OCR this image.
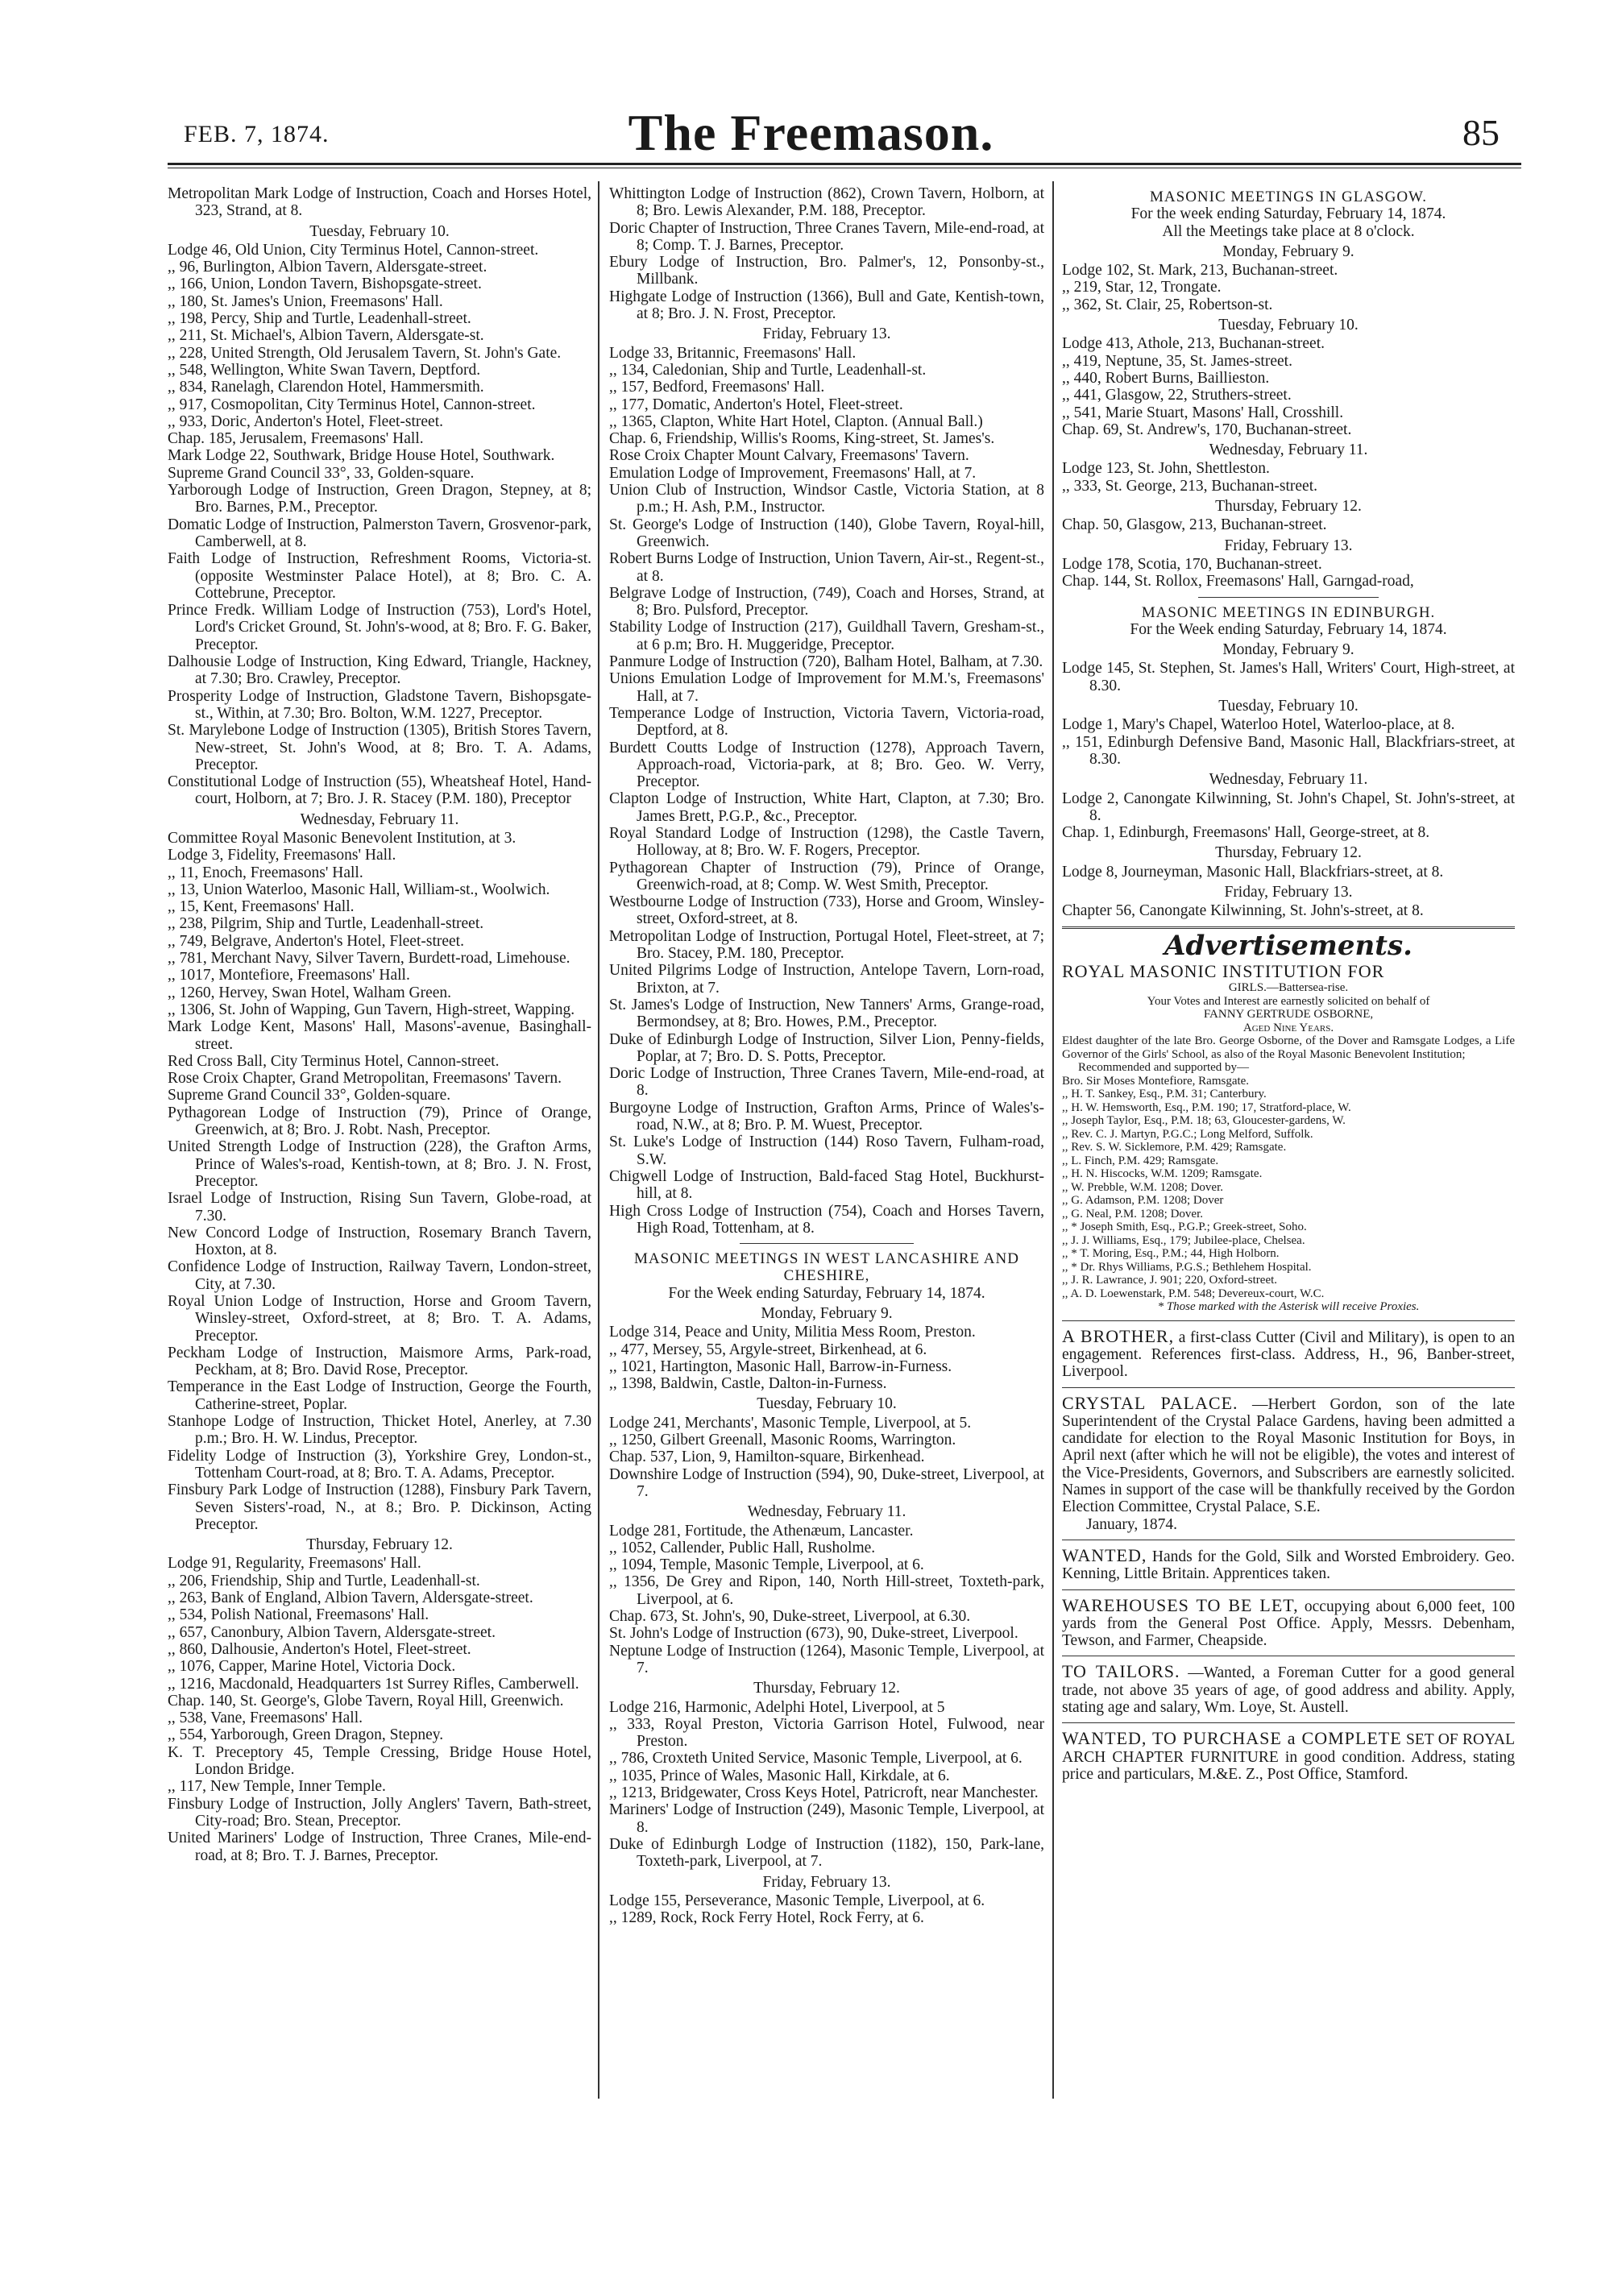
FEB. 7, 1874.	The Freemason.	85

Metropolitan Mark Lodge of Instruction, Coach and Horses Hotel, 323, Strand, at 8.

Tuesday, February 10.

Lodge 46, Old Union, City Terminus Hotel, Cannon-street.

,, 96, Burlington, Albion Tavern, Aldersgate-street.

,, 166, Union, London Tavern, Bishopsgate-street.

,, 180, St. James's Union, Freemasons' Hall.

,, 198, Percy, Ship and Turtle, Leadenhall-street.

,, 211, St. Michael's, Albion Tavern, Aldersgate-st.

,, 228, United Strength, Old Jerusalem Tavern, St. John's Gate.

,, 548, Wellington, White Swan Tavern, Deptford.

,, 834, Ranelagh, Clarendon Hotel, Hammersmith.

,, 917, Cosmopolitan, City Terminus Hotel, Cannon-street.

,, 933, Doric, Anderton's Hotel, Fleet-street.

Chap. 185, Jerusalem, Freemasons' Hall.

Mark Lodge 22, Southwark, Bridge House Hotel, Southwark.

Supreme Grand Council 33°, 33, Golden-square.

Yarborough Lodge of Instruction, Green Dragon, Stepney, at 8; Bro. Barnes, P.M., Preceptor.

Domatic Lodge of Instruction, Palmerston Tavern, Grosvenor-park, Camberwell, at 8.

Faith Lodge of Instruction, Refreshment Rooms, Victoria-st. (opposite Westminster Palace Hotel), at 8; Bro. C. A. Cottebrune, Preceptor.

Prince Fredk. William Lodge of Instruction (753), Lord's Hotel, Lord's Cricket Ground, St. John's-wood, at 8; Bro. F. G. Baker, Preceptor.

Dalhousie Lodge of Instruction, King Edward, Triangle, Hackney, at 7.30; Bro. Crawley, Preceptor.

Prosperity Lodge of Instruction, Gladstone Tavern, Bishopsgate-st., Within, at 7.30; Bro. Bolton, W.M. 1227, Preceptor.

St. Marylebone Lodge of Instruction (1305), British Stores Tavern, New-street, St. John's Wood, at 8; Bro. T. A. Adams, Preceptor.

Constitutional Lodge of Instruction (55), Wheatsheaf Hotel, Hand-court, Holborn, at 7; Bro. J. R. Stacey (P.M. 180), Preceptor

Wednesday, February 11.

Committee Royal Masonic Benevolent Institution, at 3.

Lodge 3, Fidelity, Freemasons' Hall.

,, 11, Enoch, Freemasons' Hall.

,, 13, Union Waterloo, Masonic Hall, William-st., Woolwich.

,, 15, Kent, Freemasons' Hall.

,, 238, Pilgrim, Ship and Turtle, Leadenhall-street.

,, 749, Belgrave, Anderton's Hotel, Fleet-street.

,, 781, Merchant Navy, Silver Tavern, Burdett-road, Limehouse.

,, 1017, Montefiore, Freemasons' Hall.

,, 1260, Hervey, Swan Hotel, Walham Green.

,, 1306, St. John of Wapping, Gun Tavern, High-street, Wapping.

Mark Lodge Kent, Masons' Hall, Masons'-avenue, Basinghall-street.

Red Cross Ball, City Terminus Hotel, Cannon-street.

Rose Croix Chapter, Grand Metropolitan, Freemasons' Tavern.

Supreme Grand Council 33°, Golden-square.

Pythagorean Lodge of Instruction (79), Prince of Orange, Greenwich, at 8; Bro. J. Robt. Nash, Preceptor.

United Strength Lodge of Instruction (228), the Grafton Arms, Prince of Wales's-road, Kentish-town, at 8; Bro. J. N. Frost, Preceptor.

Israel Lodge of Instruction, Rising Sun Tavern, Globe-road, at 7.30.

New Concord Lodge of Instruction, Rosemary Branch Tavern, Hoxton, at 8.

Confidence Lodge of Instruction, Railway Tavern, London-street, City, at 7.30.

Royal Union Lodge of Instruction, Horse and Groom Tavern, Winsley-street, Oxford-street, at 8; Bro. T. A. Adams, Preceptor.

Peckham Lodge of Instruction, Maismore Arms, Park-road, Peckham, at 8; Bro. David Rose, Preceptor.

Temperance in the East Lodge of Instruction, George the Fourth, Catherine-street, Poplar.

Stanhope Lodge of Instruction, Thicket Hotel, Anerley, at 7.30 p.m.; Bro. H. W. Lindus, Preceptor.

Fidelity Lodge of Instruction (3), Yorkshire Grey, London-st., Tottenham Court-road, at 8; Bro. T. A. Adams, Preceptor.

Finsbury Park Lodge of Instruction (1288), Finsbury Park Tavern, Seven Sisters'-road, N., at 8.; Bro. P. Dickinson, Acting Preceptor.

Thursday, February 12.

Lodge 91, Regularity, Freemasons' Hall.

,, 206, Friendship, Ship and Turtle, Leadenhall-st.

,, 263, Bank of England, Albion Tavern, Aldersgate-street.

,, 534, Polish National, Freemasons' Hall.

,, 657, Canonbury, Albion Tavern, Aldersgate-street.

,, 860, Dalhousie, Anderton's Hotel, Fleet-street.

,, 1076, Capper, Marine Hotel, Victoria Dock.

,, 1216, Macdonald, Headquarters 1st Surrey Rifles, Camberwell.

Chap. 140, St. George's, Globe Tavern, Royal Hill, Greenwich.

,, 538, Vane, Freemasons' Hall.

,, 554, Yarborough, Green Dragon, Stepney.

K. T. Preceptory 45, Temple Cressing, Bridge House Hotel, London Bridge.

,, 117, New Temple, Inner Temple.

Finsbury Lodge of Instruction, Jolly Anglers' Tavern, Bath-street, City-road; Bro. Stean, Preceptor.

United Mariners' Lodge of Instruction, Three Cranes, Mile-end-road, at 8; Bro. T. J. Barnes, Preceptor.

Whittington Lodge of Instruction (862), Crown Tavern, Holborn, at 8; Bro. Lewis Alexander, P.M. 188, Preceptor.

Doric Chapter of Instruction, Three Cranes Tavern, Mile-end-road, at 8; Comp. T. J. Barnes, Preceptor.

Ebury Lodge of Instruction, Bro. Palmer's, 12, Ponsonby-st., Millbank.

Highgate Lodge of Instruction (1366), Bull and Gate, Kentish-town, at 8; Bro. J. N. Frost, Preceptor.

Friday, February 13.

Lodge 33, Britannic, Freemasons' Hall.

,, 134, Caledonian, Ship and Turtle, Leadenhall-st.

,, 157, Bedford, Freemasons' Hall.

,, 177, Domatic, Anderton's Hotel, Fleet-street.

,, 1365, Clapton, White Hart Hotel, Clapton. (Annual Ball.)

Chap. 6, Friendship, Willis's Rooms, King-street, St. James's.

Rose Croix Chapter Mount Calvary, Freemasons' Tavern.

Emulation Lodge of Improvement, Freemasons' Hall, at 7.

Union Club of Instruction, Windsor Castle, Victoria Station, at 8 p.m.; H. Ash, P.M., Instructor.

St. George's Lodge of Instruction (140), Globe Tavern, Royal-hill, Greenwich.

Robert Burns Lodge of Instruction, Union Tavern, Air-st., Regent-st., at 8.

Belgrave Lodge of Instruction, (749), Coach and Horses, Strand, at 8; Bro. Pulsford, Preceptor.

Stability Lodge of Instruction (217), Guildhall Tavern, Gresham-st., at 6 p.m; Bro. H. Muggeridge, Preceptor.

Panmure Lodge of Instruction (720), Balham Hotel, Balham, at 7.30.

Unions Emulation Lodge of Improvement for M.M.'s, Freemasons' Hall, at 7.

Temperance Lodge of Instruction, Victoria Tavern, Victoria-road, Deptford, at 8.

Burdett Coutts Lodge of Instruction (1278), Approach Tavern, Approach-road, Victoria-park, at 8; Bro. Geo. W. Verry, Preceptor.

Clapton Lodge of Instruction, White Hart, Clapton, at 7.30; Bro. James Brett, P.G.P., &c., Preceptor.

Royal Standard Lodge of Instruction (1298), the Castle Tavern, Holloway, at 8; Bro. W. F. Rogers, Preceptor.

Pythagorean Chapter of Instruction (79), Prince of Orange, Greenwich-road, at 8; Comp. W. West Smith, Preceptor.

Westbourne Lodge of Instruction (733), Horse and Groom, Winsley-street, Oxford-street, at 8.

Metropolitan Lodge of Instruction, Portugal Hotel, Fleet-street, at 7; Bro. Stacey, P.M. 180, Preceptor.

United Pilgrims Lodge of Instruction, Antelope Tavern, Lorn-road, Brixton, at 7.

St. James's Lodge of Instruction, New Tanners' Arms, Grange-road, Bermondsey, at 8; Bro. Howes, P.M., Preceptor.

Duke of Edinburgh Lodge of Instruction, Silver Lion, Penny-fields, Poplar, at 7; Bro. D. S. Potts, Preceptor.

Doric Lodge of Instruction, Three Cranes Tavern, Mile-end-road, at 8.

Burgoyne Lodge of Instruction, Grafton Arms, Prince of Wales's-road, N.W., at 8; Bro. P. M. Wuest, Preceptor.

St. Luke's Lodge of Instruction (144) Roso Tavern, Fulham-road, S.W.

Chigwell Lodge of Instruction, Bald-faced Stag Hotel, Buckhurst-hill, at 8.

High Cross Lodge of Instruction (754), Coach and Horses Tavern, High Road, Tottenham, at 8.

MASONIC MEETINGS IN WEST LANCASHIRE AND CHESHIRE,
For the Week ending Saturday, February 14, 1874.
Monday, February 9.

Lodge 314, Peace and Unity, Militia Mess Room, Preston.

,, 477, Mersey, 55, Argyle-street, Birkenhead, at 6.

,, 1021, Hartington, Masonic Hall, Barrow-in-Furness.

,, 1398, Baldwin, Castle, Dalton-in-Furness.

Tuesday, February 10.

Lodge 241, Merchants', Masonic Temple, Liverpool, at 5.

,, 1250, Gilbert Greenall, Masonic Rooms, Warrington.

Chap. 537, Lion, 9, Hamilton-square, Birkenhead.

Downshire Lodge of Instruction (594), 90, Duke-street, Liverpool, at 7.

Wednesday, February 11.

Lodge 281, Fortitude, the Athenæum, Lancaster.

,, 1052, Callender, Public Hall, Rusholme.

,, 1094, Temple, Masonic Temple, Liverpool, at 6.

,, 1356, De Grey and Ripon, 140, North Hill-street, Toxteth-park, Liverpool, at 6.

Chap. 673, St. John's, 90, Duke-street, Liverpool, at 6.30.

St. John's Lodge of Instruction (673), 90, Duke-street, Liverpool.

Neptune Lodge of Instruction (1264), Masonic Temple, Liverpool, at 7.

Thursday, February 12.

Lodge 216, Harmonic, Adelphi Hotel, Liverpool, at 5

,, 333, Royal Preston, Victoria Garrison Hotel, Fulwood, near Preston.

,, 786, Croxteth United Service, Masonic Temple, Liverpool, at 6.

,, 1035, Prince of Wales, Masonic Hall, Kirkdale, at 6.

,, 1213, Bridgewater, Cross Keys Hotel, Patricroft, near Manchester.

Mariners' Lodge of Instruction (249), Masonic Temple, Liverpool, at 8.

Duke of Edinburgh Lodge of Instruction (1182), 150, Park-lane, Toxteth-park, Liverpool, at 7.

Friday, February 13.

Lodge 155, Perseverance, Masonic Temple, Liverpool, at 6.

,, 1289, Rock, Rock Ferry Hotel, Rock Ferry, at 6.

MASONIC MEETINGS IN GLASGOW.
For the week ending Saturday, February 14, 1874.
All the Meetings take place at 8 o'clock.
Monday, February 9.

Lodge 102, St. Mark, 213, Buchanan-street.

,, 219, Star, 12, Trongate.

,, 362, St. Clair, 25, Robertson-st.

Tuesday, February 10.

Lodge 413, Athole, 213, Buchanan-street.

,, 419, Neptune, 35, St. James-street.

,, 440, Robert Burns, Baillieston.

,, 441, Glasgow, 22, Struthers-street.

,, 541, Marie Stuart, Masons' Hall, Crosshill.

Chap. 69, St. Andrew's, 170, Buchanan-street.

Wednesday, February 11.

Lodge 123, St. John, Shettleston.

,, 333, St. George, 213, Buchanan-street.

Thursday, February 12.

Chap. 50, Glasgow, 213, Buchanan-street.

Friday, February 13.

Lodge 178, Scotia, 170, Buchanan-street.

Chap. 144, St. Rollox, Freemasons' Hall, Garngad-road,

MASONIC MEETINGS IN EDINBURGH.
For the Week ending Saturday, February 14, 1874.
Monday, February 9.

Lodge 145, St. Stephen, St. James's Hall, Writers' Court, High-street, at 8.30.

Tuesday, February 10.

Lodge 1, Mary's Chapel, Waterloo Hotel, Waterloo-place, at 8.

,, 151, Edinburgh Defensive Band, Masonic Hall, Blackfriars-street, at 8.30.

Wednesday, February 11.

Lodge 2, Canongate Kilwinning, St. John's Chapel, St. John's-street, at 8.

Chap. 1, Edinburgh, Freemasons' Hall, George-street, at 8.

Thursday, February 12.

Lodge 8, Journeyman, Masonic Hall, Blackfriars-street, at 8.

Friday, February 13.

Chapter 56, Canongate Kilwinning, St. John's-street, at 8.

Advertisements.
ROYAL MASONIC INSTITUTION FOR
GIRLS.—Battersea-rise.
Your Votes and Interest are earnestly solicited on behalf of
FANNY GERTRUDE OSBORNE,
Aged Nine Years.
Eldest daughter of the late Bro. George Osborne, of the Dover and Ramsgate Lodges, a Life Governor of the Girls' School, as also of the Royal Masonic Benevolent Institution;
Recommended and supported by—
Bro. Sir Moses Montefiore, Ramsgate.
,, H. T. Sankey, Esq., P.M. 31; Canterbury.
,, H. W. Hemsworth, Esq., P.M. 190; 17, Stratford-place, W.
,, Joseph Taylor, Esq., P.M. 18; 63, Gloucester-gardens, W.
,, Rev. C. J. Martyn, P.G.C.; Long Melford, Suffolk.
,, Rev. S. W. Sicklemore, P.M. 429; Ramsgate.
,, L. Finch, P.M. 429; Ramsgate.
,, H. N. Hiscocks, W.M. 1209; Ramsgate.
,, W. Prebble, W.M. 1208; Dover.
,, G. Adamson, P.M. 1208; Dover
,, G. Neal, P.M. 1208; Dover.
,, * Joseph Smith, Esq., P.G.P.; Greek-street, Soho.
,, J. J. Williams, Esq., 179; Jubilee-place, Chelsea.
,, * T. Moring, Esq., P.M.; 44, High Holborn.
,, * Dr. Rhys Williams, P.G.S.; Bethlehem Hospital.
,, J. R. Lawrance, J. 901; 220, Oxford-street.
,, A. D. Loewenstark, P.M. 548; Devereux-court, W.C.
* Those marked with the Asterisk will receive Proxies.
A BROTHER, a first-class Cutter (Civil and Military), is open to an engagement. References first-class. Address, H., 96, Banber-street, Liverpool.
CRYSTAL PALACE. —Herbert Gordon, son of the late Superintendent of the Crystal Palace Gardens, having been admitted a candidate for election to the Royal Masonic Institution for Boys, in April next (after which he will not be eligible), the votes and interest of the Vice-Presidents, Governors, and Subscribers are earnestly solicited. Names in support of the case will be thankfully received by the Gordon Election Committee, Crystal Palace, S.E.
January, 1874.
WANTED, Hands for the Gold, Silk and Worsted Embroidery. Geo. Kenning, Little Britain. Apprentices taken.
WAREHOUSES TO BE LET, occupying about 6,000 feet, 100 yards from the General Post Office. Apply, Messrs. Debenham, Tewson, and Farmer, Cheapside.
TO TAILORS. —Wanted, a Foreman Cutter for a good general trade, not above 35 years of age, of good address and ability. Apply, stating age and salary, Wm. Loye, St. Austell.
WANTED, TO PURCHASE a COMPLETE SET OF ROYAL ARCH CHAPTER FURNITURE in good condition. Address, stating price and particulars, M.&E. Z., Post Office, Stamford.
